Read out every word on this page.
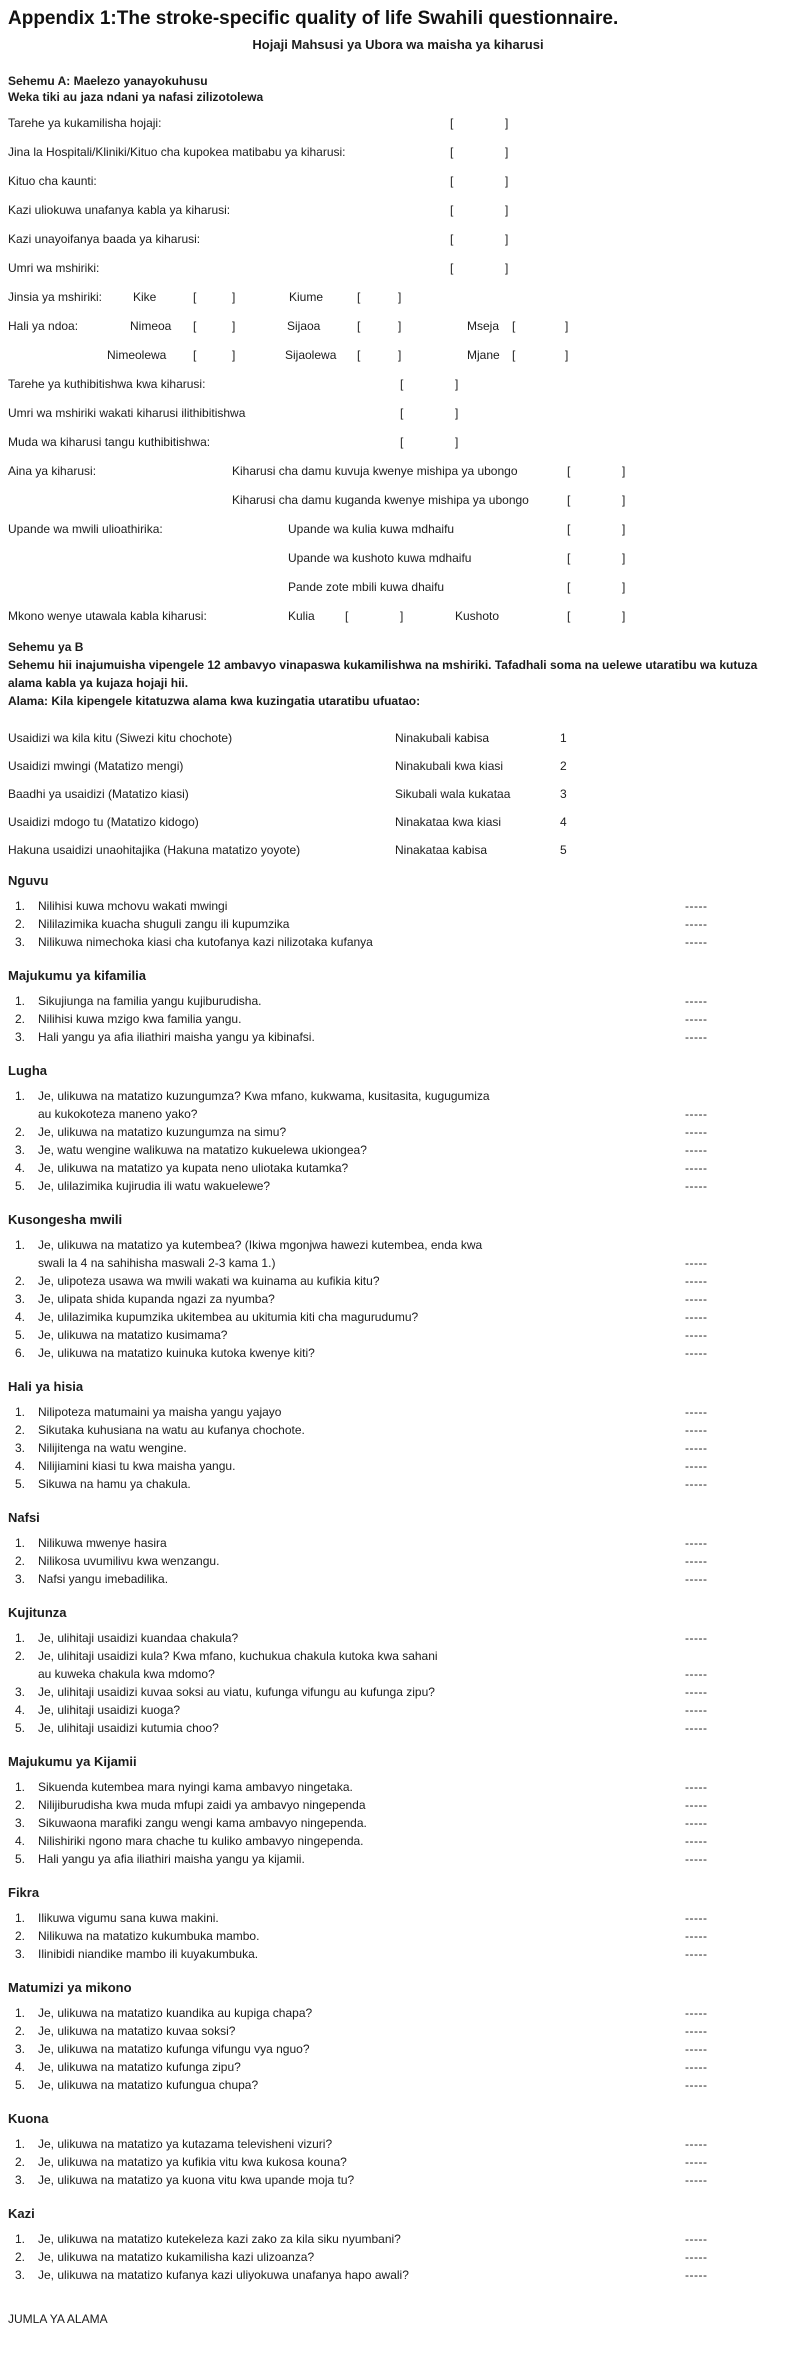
Appendix 1:The stroke-specific quality of life Swahili questionnaire.
Hojaji Mahsusi ya Ubora wa maisha ya kiharusi
Sehemu A: Maelezo yanayokuhusu
Weka tiki au jaza ndani ya nafasi zilizotolewa
Tarehe ya kukamilisha hojaji:	[	]
Jina la Hospitali/Kliniki/Kituo cha kupokea matibabu ya kiharusi:	[	]
Kituo cha kaunti:	[	]
Kazi uliokuwa unafanya kabla ya kiharusi:	[	]
Kazi unayoifanya baada ya kiharusi:	[	]
Umri wa mshiriki:	[	]
Jinsia ya mshiriki:	Kike	[	]	Kiume	[	]
Hali ya ndoa:	Nimeoa [	]	Sijaoa	[	]	Mseja [	]
Nimeolewa [	]	Sijaolewa [	]	Mjane [	]
Tarehe ya kuthibitishwa kwa kiharusi:	[	]
Umri wa mshiriki wakati kiharusi ilithibitishwa	[	]
Muda wa kiharusi tangu kuthibitishwa:	[	]
Aina ya kiharusi:	Kiharusi cha damu kuvuja kwenye mishipa ya ubongo	[	]
Kiharusi cha damu kuganda kwenye mishipa ya ubongo	[	]
Upande wa mwili ulioathirika:	Upande wa kulia kuwa mdhaifu	[	]
Upande wa kushoto kuwa mdhaifu	[	]
Pande zote mbili kuwa dhaifu	[	]
Mkono wenye utawala kabla kiharusi:	Kulia	[	]	Kushoto	[	]
Sehemu ya B
Sehemu hii inajumuisha vipengele 12 ambavyo vinapaswa kukamilishwa na mshiriki. Tafadhali soma na uelewe utaratibu wa kutuza alama kabla ya kujaza hojaji hii.
Alama: Kila kipengele kitatuzwa alama kwa kuzingatia utaratibu ufuatao:
Usaidizi wa kila kitu (Siwezi kitu chochote)	Ninakubali kabisa	1
Usaidizi mwingi (Matatizo mengi)	Ninakubali kwa kiasi	2
Baadhi ya usaidizi (Matatizo kiasi)	Sikubali wala kukataa	3
Usaidizi mdogo tu (Matatizo kidogo)	Ninakataa kwa kiasi	4
Hakuna usaidizi unaohitajika (Hakuna matatizo yoyote)	Ninakataa kabisa	5
Nguvu
1. Nilihisi kuwa mchovu wakati mwingi	-----
2. Nililazimika kuacha shuguli zangu ili kupumzika	-----
3. Nilikuwa nimechoka kiasi cha kutofanya kazi nilizotaka kufanya	-----
Majukumu ya kifamilia
1. Sikujiunga na familia yangu kujiburudisha.	-----
2. Nilihisi kuwa mzigo kwa familia yangu.	-----
3. Hali yangu ya afia iliathiri maisha yangu ya kibinafsi.	-----
Lugha
1. Je, ulikuwa na matatizo kuzungumza? Kwa mfano, kukwama, kusitasita, kugugumiza
au kukokoteza maneno yako?	-----
2. Je, ulikuwa na matatizo kuzungumza na simu?	-----
3. Je, watu wengine walikuwa na matatizo kukuelewa ukiongea?	-----
4. Je, ulikuwa na matatizo ya kupata neno uliotaka kutamka?	-----
5. Je, ulilazimika kujirudia ili watu wakuelewe?	-----
Kusongesha mwili
1. Je, ulikuwa na matatizo ya kutembea? (Ikiwa mgonjwa hawezi kutembea, enda kwa
swali la 4 na sahihisha maswali 2-3 kama 1.)	-----
2. Je, ulipoteza usawa wa mwili wakati wa kuinama au kufikia kitu?	-----
3. Je, ulipata shida kupanda ngazi za nyumba?	-----
4. Je, ulilazimika kupumzika ukitembea au ukitumia kiti cha magurudumu?	-----
5. Je, ulikuwa na matatizo kusimama?	-----
6. Je, ulikuwa na matatizo kuinuka kutoka kwenye kiti?	-----
Hali ya hisia
1. Nilipoteza matumaini ya maisha yangu yajayo	-----
2. Sikutaka kuhusiana na watu au kufanya chochote.	-----
3. Nilijitenga na watu wengine.	-----
4. Nilijiamini kiasi tu kwa maisha yangu.	-----
5. Sikuwa na hamu ya chakula.	-----
Nafsi
1. Nilikuwa mwenye hasira	-----
2. Nilikosa uvumilivu kwa wenzangu.	-----
3. Nafsi yangu imebadilika.	-----
Kujitunza
1. Je, ulihitaji usaidizi kuandaa chakula?	-----
2. Je, ulihitaji usaidizi kula? Kwa mfano, kuchukua chakula kutoka kwa sahani
au kuweka chakula kwa mdomo?	-----
3. Je, ulihitaji usaidizi kuvaa soksi au viatu, kufunga vifungu au kufunga zipu?	-----
4. Je, ulihitaji usaidizi kuoga?	-----
5. Je, ulihitaji usaidizi kutumia choo?	-----
Majukumu ya Kijamii
1. Sikuenda kutembea mara nyingi kama ambavyo ningetaka.	-----
2. Nilijiburudisha kwa muda mfupi zaidi ya ambavyo ningependa	-----
3. Sikuwaona marafiki zangu wengi kama ambavyo ningependa.	-----
4. Nilishiriki ngono mara chache tu kuliko ambavyo ningependa.	-----
5. Hali yangu ya afia iliathiri maisha yangu ya kijamii.	-----
Fikra
1. Ilikuwa vigumu sana kuwa makini.	-----
2. Nilikuwa na matatizo kukumbuka mambo.	-----
3. Ilinibidi niandike mambo ili kuyakumbuka.	-----
Matumizi ya mikono
1. Je, ulikuwa na matatizo kuandika au kupiga chapa?	-----
2. Je, ulikuwa na matatizo kuvaa soksi?	-----
3. Je, ulikuwa na matatizo kufunga vifungu vya nguo?	-----
4. Je, ulikuwa na matatizo kufunga zipu?	-----
5. Je, ulikuwa na matatizo kufungua chupa?	-----
Kuona
1. Je, ulikuwa na matatizo ya kutazama televisheni vizuri?	-----
2. Je, ulikuwa na matatizo ya kufikia vitu kwa kukosa kouna?	-----
3. Je, ulikuwa na matatizo ya kuona vitu kwa upande moja tu?	-----
Kazi
1. Je, ulikuwa na matatizo kutekeleza kazi zako za kila siku nyumbani?	-----
2. Je, ulikuwa na matatizo kukamilisha kazi ulizoanza?	-----
3. Je, ulikuwa na matatizo kufanya kazi uliyokuwa unafanya hapo awali?	-----
JUMLA YA ALAMA
